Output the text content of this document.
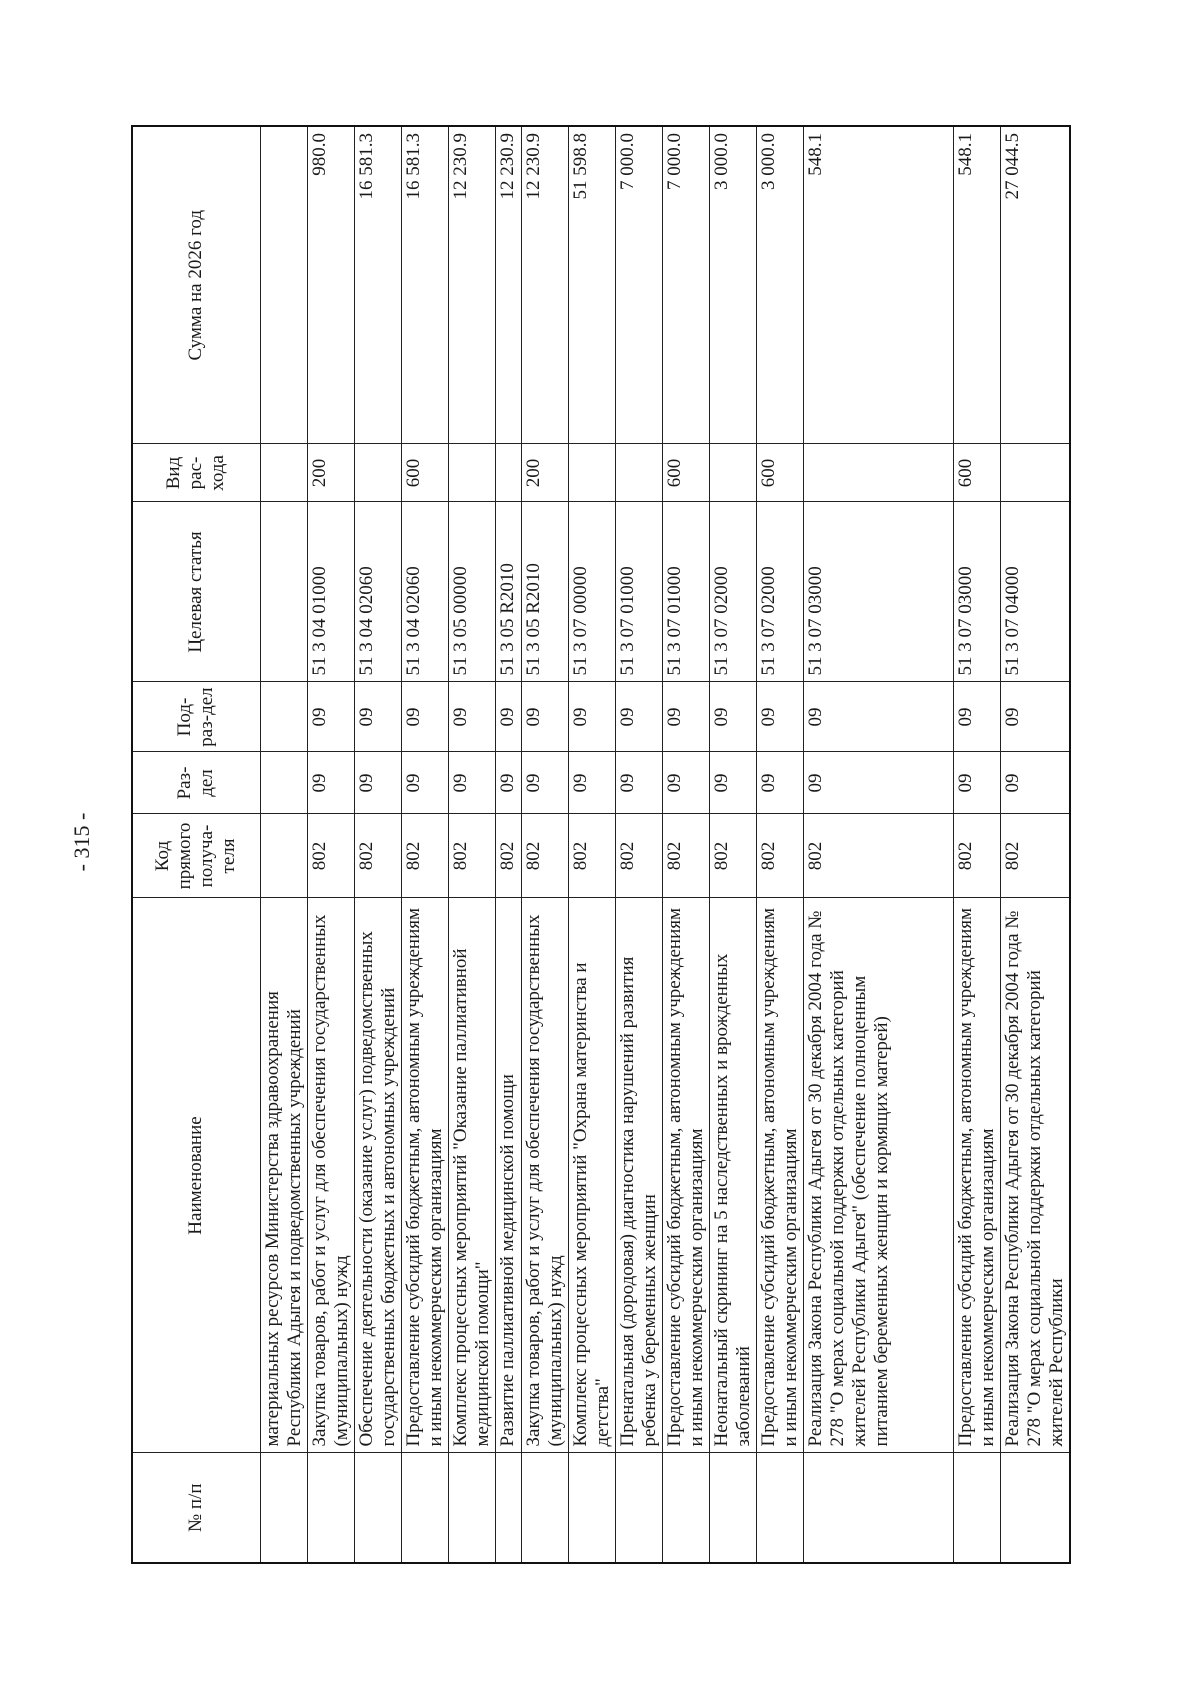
- 315 -
№ п/п	Наименование	Код прямого получа-теля	Раз-дел	Под-раз-дел	Целевая статья	Вид рас-хода	Сумма на 2026 год
	материальных ресурсов Министерства здравоохранения Республики Адыгея и подведомственных учреждений						
	Закупка товаров, работ и услуг для обеспечения государственных (муниципальных) нужд	802	09	09	51 3 04 01000	200	980.0
	Обеспечение деятельности (оказание услуг) подведомственных государственных бюджетных и автономных учреждений	802	09	09	51 3 04 02060		16 581.3
	Предоставление субсидий бюджетным, автономным учреждениям и иным некоммерческим организациям	802	09	09	51 3 04 02060	600	16 581.3
	Комплекс процессных мероприятий "Оказание паллиативной медицинской помощи"	802	09	09	51 3 05 00000		12 230.9
	Развитие паллиативной медицинской помощи	802	09	09	51 3 05 R2010		12 230.9
	Закупка товаров, работ и услуг для обеспечения государственных (муниципальных) нужд	802	09	09	51 3 05 R2010	200	12 230.9
	Комплекс процессных мероприятий "Охрана материнства и детства"	802	09	09	51 3 07 00000		51 598.8
	Пренатальная (дородовая) диагностика нарушений развития ребенка у беременных женщин	802	09	09	51 3 07 01000		7 000.0
	Предоставление субсидий бюджетным, автономным учреждениям и иным некоммерческим организациям	802	09	09	51 3 07 01000	600	7 000.0
	Неонатальный скрининг на 5 наследственных и врожденных заболеваний	802	09	09	51 3 07 02000		3 000.0
	Предоставление субсидий бюджетным, автономным учреждениям и иным некоммерческим организациям	802	09	09	51 3 07 02000	600	3 000.0
	Реализация Закона Республики Адыгея от 30 декабря 2004 года № 278 "О мерах социальной поддержки отдельных категорий жителей Республики Адыгея" (обеспечение полноценным питанием беременных женщин и кормящих матерей)	802	09	09	51 3 07 03000		548.1
	Предоставление субсидий бюджетным, автономным учреждениям и иным некоммерческим организациям	802	09	09	51 3 07 03000	600	548.1
	Реализация Закона Республики Адыгея от 30 декабря 2004 года № 278 "О мерах социальной поддержки отдельных категорий жителей Республики	802	09	09	51 3 07 04000		27 044.5
